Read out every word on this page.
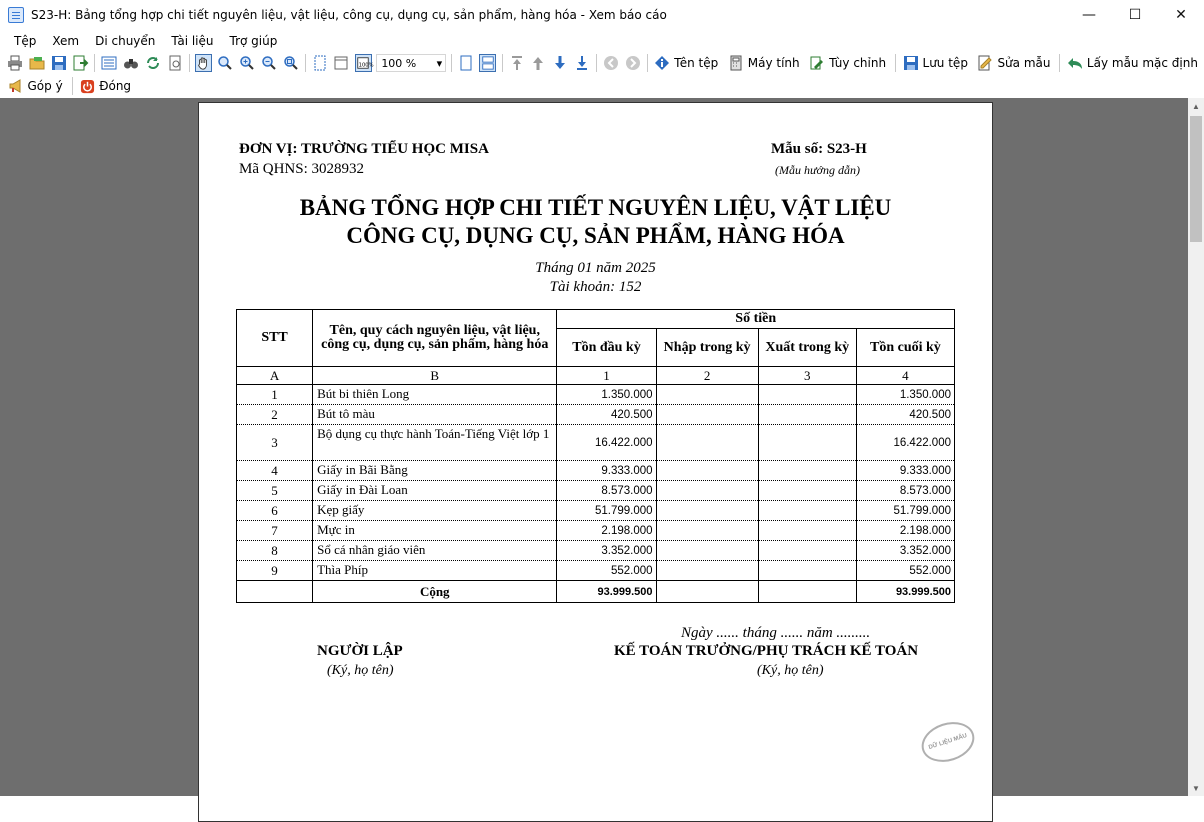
S23-H: Bảng tổng hợp chi tiết nguyên liệu, vật liệu, công cụ, dụng cụ, sản phẩm, hàng hóa - Xem báo cáo	—	☐	✕
Tệp	Xem	Di chuyển	Tài liệu	Trợ giúp
100% 100 % ▾	Tên tệp Máy tính Tùy chỉnh	Lưu tệp Sửa mẫu	Lấy mẫu mặc định
Góp ý	Đóng
ĐƠN VỊ: TRƯỜNG TIỂU HỌC MISA
Mã QHNS: 3028932
Mẫu số: S23-H
(Mẫu hướng dẫn)
BẢNG TỔNG HỢP CHI TIẾT NGUYÊN LIỆU, VẬT LIỆU
CÔNG CỤ, DỤNG CỤ, SẢN PHẨM, HÀNG HÓA
Tháng 01 năm 2025
Tài khoản: 152
STT	Tên, quy cách nguyên liệu, vật liệu, công cụ, dụng cụ, sản phẩm, hàng hóa	Số tiền			
		Tồn đầu kỳ	Nhập trong kỳ	Xuất trong kỳ	Tồn cuối kỳ
A	B	1	2	3	4
1	Bút bi thiên Long	1.350.000			1.350.000
2	Bút tô màu	420.500			420.500
3	Bộ dụng cụ thực hành Toán-Tiếng Việt lớp 1	16.422.000			16.422.000
4	Giấy in Bãi Bằng	9.333.000			9.333.000
5	Giấy in Đài Loan	8.573.000			8.573.000
6	Kẹp giấy	51.799.000			51.799.000
7	Mực in	2.198.000			2.198.000
8	Sổ cá nhân giáo viên	3.352.000			3.352.000
9	Thìa Phíp	552.000			552.000
	Cộng	93.999.500			93.999.500
Ngày ...... tháng ...... năm .........
NGƯỜI LẬP
(Ký, họ tên)
KẾ TOÁN TRƯỞNG/PHỤ TRÁCH KẾ TOÁN
(Ký, họ tên)
DỮ LIỆU MẪU
▲
▼
